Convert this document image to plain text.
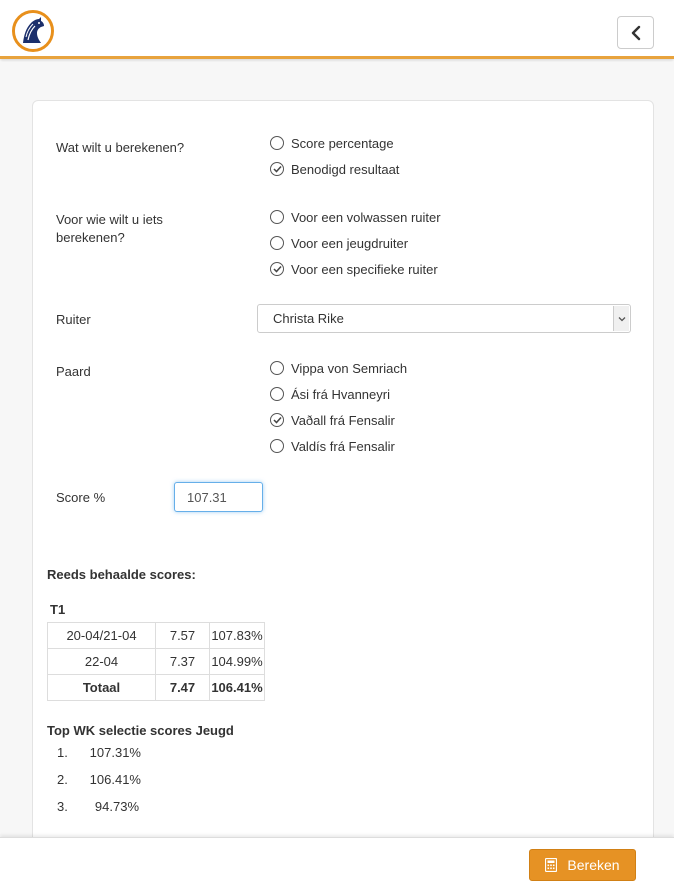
Wat wilt u berekenen?	Score percentage
Benodigd resultaat
Voor wie wilt u iets berekenen?
Voor een volwassen ruiter
Voor een jeugdruiter
Voor een specifieke ruiter
Ruiter	Christa Rike
Paard	Vippa von Semriach
Ási frá Hvanneyri
Vaðall frá Fensalir
Valdís frá Fensalir
Score %
107.31
Reeds behaalde scores:
T1
20-04/21-04	7.57	107.83%
22-04	7.37	104.99%
Totaal	7.47	106.41%
Top WK selectie scores Jeugd
1.	107.31%
2.	106.41%
3.	94.73%
Bereken
